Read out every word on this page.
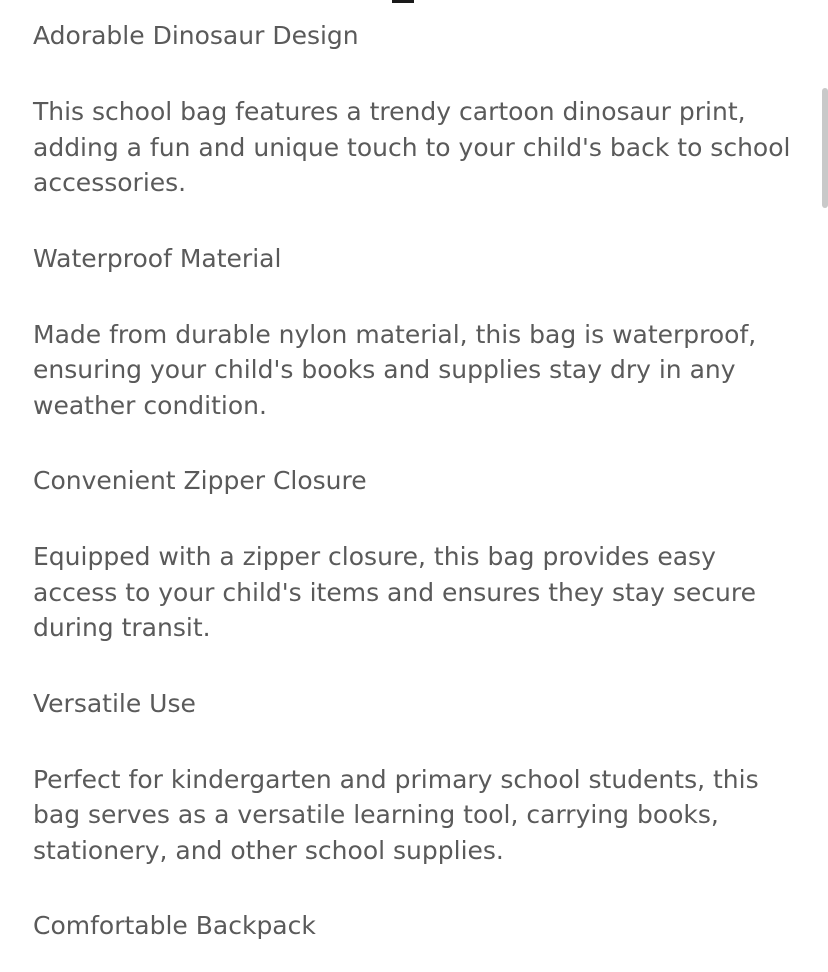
Adorable Dinosaur Design

This school bag features a trendy cartoon dinosaur print,
adding a fun and unique touch to your child's back to school
accessories.

Waterproof Material

Made from durable nylon material, this bag is waterproof,
ensuring your child's books and supplies stay dry in any
weather condition.

Convenient Zipper Closure

Equipped with a zipper closure, this bag provides easy
access to your child's items and ensures they stay secure
during transit.

Versatile Use

Perfect for kindergarten and primary school students, this
bag serves as a versatile learning tool, carrying books,
stationery, and other school supplies.

Comfortable Backpack
